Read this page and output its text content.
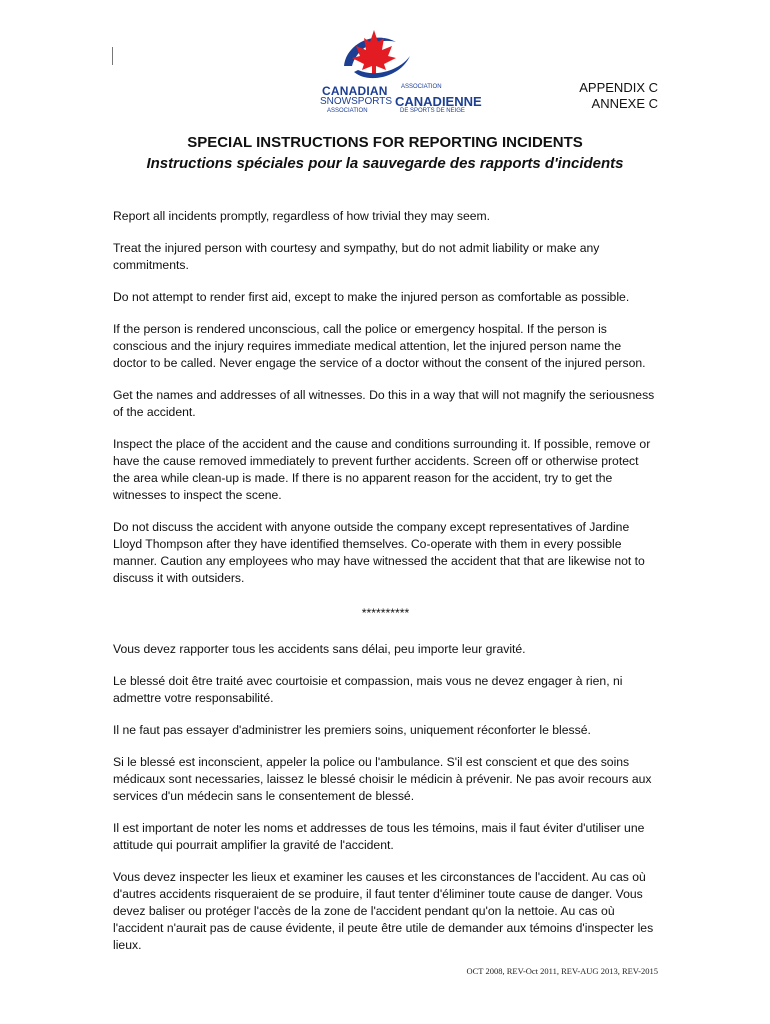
CANADIAN ASSOCIATION
SNOWSPORTS CANADIENNE
ASSOCIATION	DE SPORTS DE NEIGE
APPENDIX C
ANNEXE C
SPECIAL INSTRUCTIONS FOR REPORTING INCIDENTS
Instructions spéciales pour la sauvegarde des rapports d'incidents

Report all incidents promptly, regardless of how trivial they may seem.

Treat the injured person with courtesy and sympathy, but do not admit liability or make any commitments.

Do not attempt to render first aid, except to make the injured person as comfortable as possible.

If the person is rendered unconscious, call the police or emergency hospital. If the person is conscious and the injury requires immediate medical attention, let the injured person name the doctor to be called. Never engage the service of a doctor without the consent of the injured person.

Get the names and addresses of all witnesses. Do this in a way that will not magnify the seriousness of the accident.

Inspect the place of the accident and the cause and conditions surrounding it. If possible, remove or have the cause removed immediately to prevent further accidents. Screen off or otherwise protect the area while clean-up is made. If there is no apparent reason for the accident, try to get the witnesses to inspect the scene.

Do not discuss the accident with anyone outside the company except representatives of Jardine Lloyd Thompson after they have identified themselves. Co-operate with them in every possible manner. Caution any employees who may have witnessed the accident that that are likewise not to discuss it with outsiders.

**********

Vous devez rapporter tous les accidents sans délai, peu importe leur gravité.

Le blessé doit être traité avec courtoisie et compassion, mais vous ne devez engager à rien, ni admettre votre responsabilité.

Il ne faut pas essayer d'administrer les premiers soins, uniquement réconforter le blessé.

Si le blessé est inconscient, appeler la police ou l'ambulance. S'il est conscient et que des soins médicaux sont necessaries, laissez le blessé choisir le médicin à prévenir. Ne pas avoir recours aux services d'un médecin sans le consentement de blessé.

Il est important de noter les noms et addresses de tous les témoins, mais il faut éviter d'utiliser une attitude qui pourrait amplifier la gravité de l'accident.

Vous devez inspecter les lieux et examiner les causes et les circonstances de l'accident. Au cas où d'autres accidents risqueraient de se produire, il faut tenter d'éliminer toute cause de danger. Vous devez baliser ou protéger l'accès de la zone de l'accident pendant qu'on la nettoie. Au cas où l'accident n'aurait pas de cause évidente, il peute être utile de demander aux témoins d'inspecter les lieux.

OCT 2008, REV-Oct 2011, REV-AUG 2013, REV-2015
